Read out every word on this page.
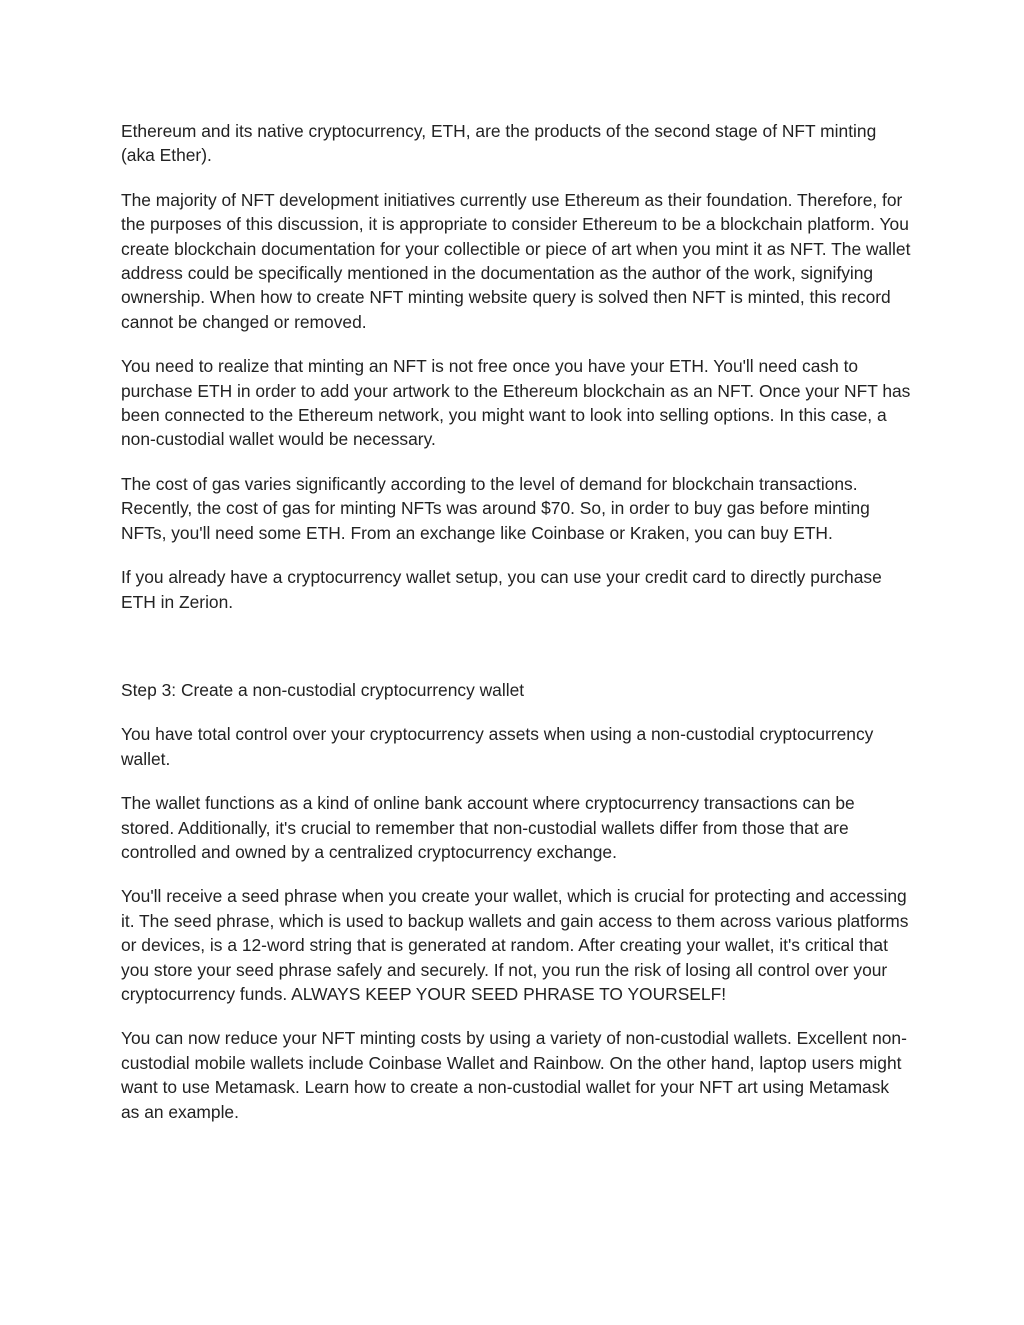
Ethereum and its native cryptocurrency, ETH, are the products of the second stage of NFT minting (aka Ether).

The majority of NFT development initiatives currently use Ethereum as their foundation. Therefore, for the purposes of this discussion, it is appropriate to consider Ethereum to be a blockchain platform. You create blockchain documentation for your collectible or piece of art when you mint it as NFT. The wallet address could be specifically mentioned in the documentation as the author of the work, signifying ownership. When how to create NFT minting website query is solved then NFT is minted, this record cannot be changed or removed.

You need to realize that minting an NFT is not free once you have your ETH. You'll need cash to purchase ETH in order to add your artwork to the Ethereum blockchain as an NFT. Once your NFT has been connected to the Ethereum network, you might want to look into selling options. In this case, a non-custodial wallet would be necessary.

The cost of gas varies significantly according to the level of demand for blockchain transactions. Recently, the cost of gas for minting NFTs was around $70. So, in order to buy gas before minting NFTs, you'll need some ETH. From an exchange like Coinbase or Kraken, you can buy ETH.

If you already have a cryptocurrency wallet setup, you can use your credit card to directly purchase ETH in Zerion.

Step 3: Create a non-custodial cryptocurrency wallet

You have total control over your cryptocurrency assets when using a non-custodial cryptocurrency wallet.

The wallet functions as a kind of online bank account where cryptocurrency transactions can be stored. Additionally, it's crucial to remember that non-custodial wallets differ from those that are controlled and owned by a centralized cryptocurrency exchange.

You'll receive a seed phrase when you create your wallet, which is crucial for protecting and accessing it. The seed phrase, which is used to backup wallets and gain access to them across various platforms or devices, is a 12-word string that is generated at random. After creating your wallet, it's critical that you store your seed phrase safely and securely. If not, you run the risk of losing all control over your cryptocurrency funds. ALWAYS KEEP YOUR SEED PHRASE TO YOURSELF!

You can now reduce your NFT minting costs by using a variety of non-custodial wallets. Excellent non-custodial mobile wallets include Coinbase Wallet and Rainbow. On the other hand, laptop users might want to use Metamask. Learn how to create a non-custodial wallet for your NFT art using Metamask as an example.
